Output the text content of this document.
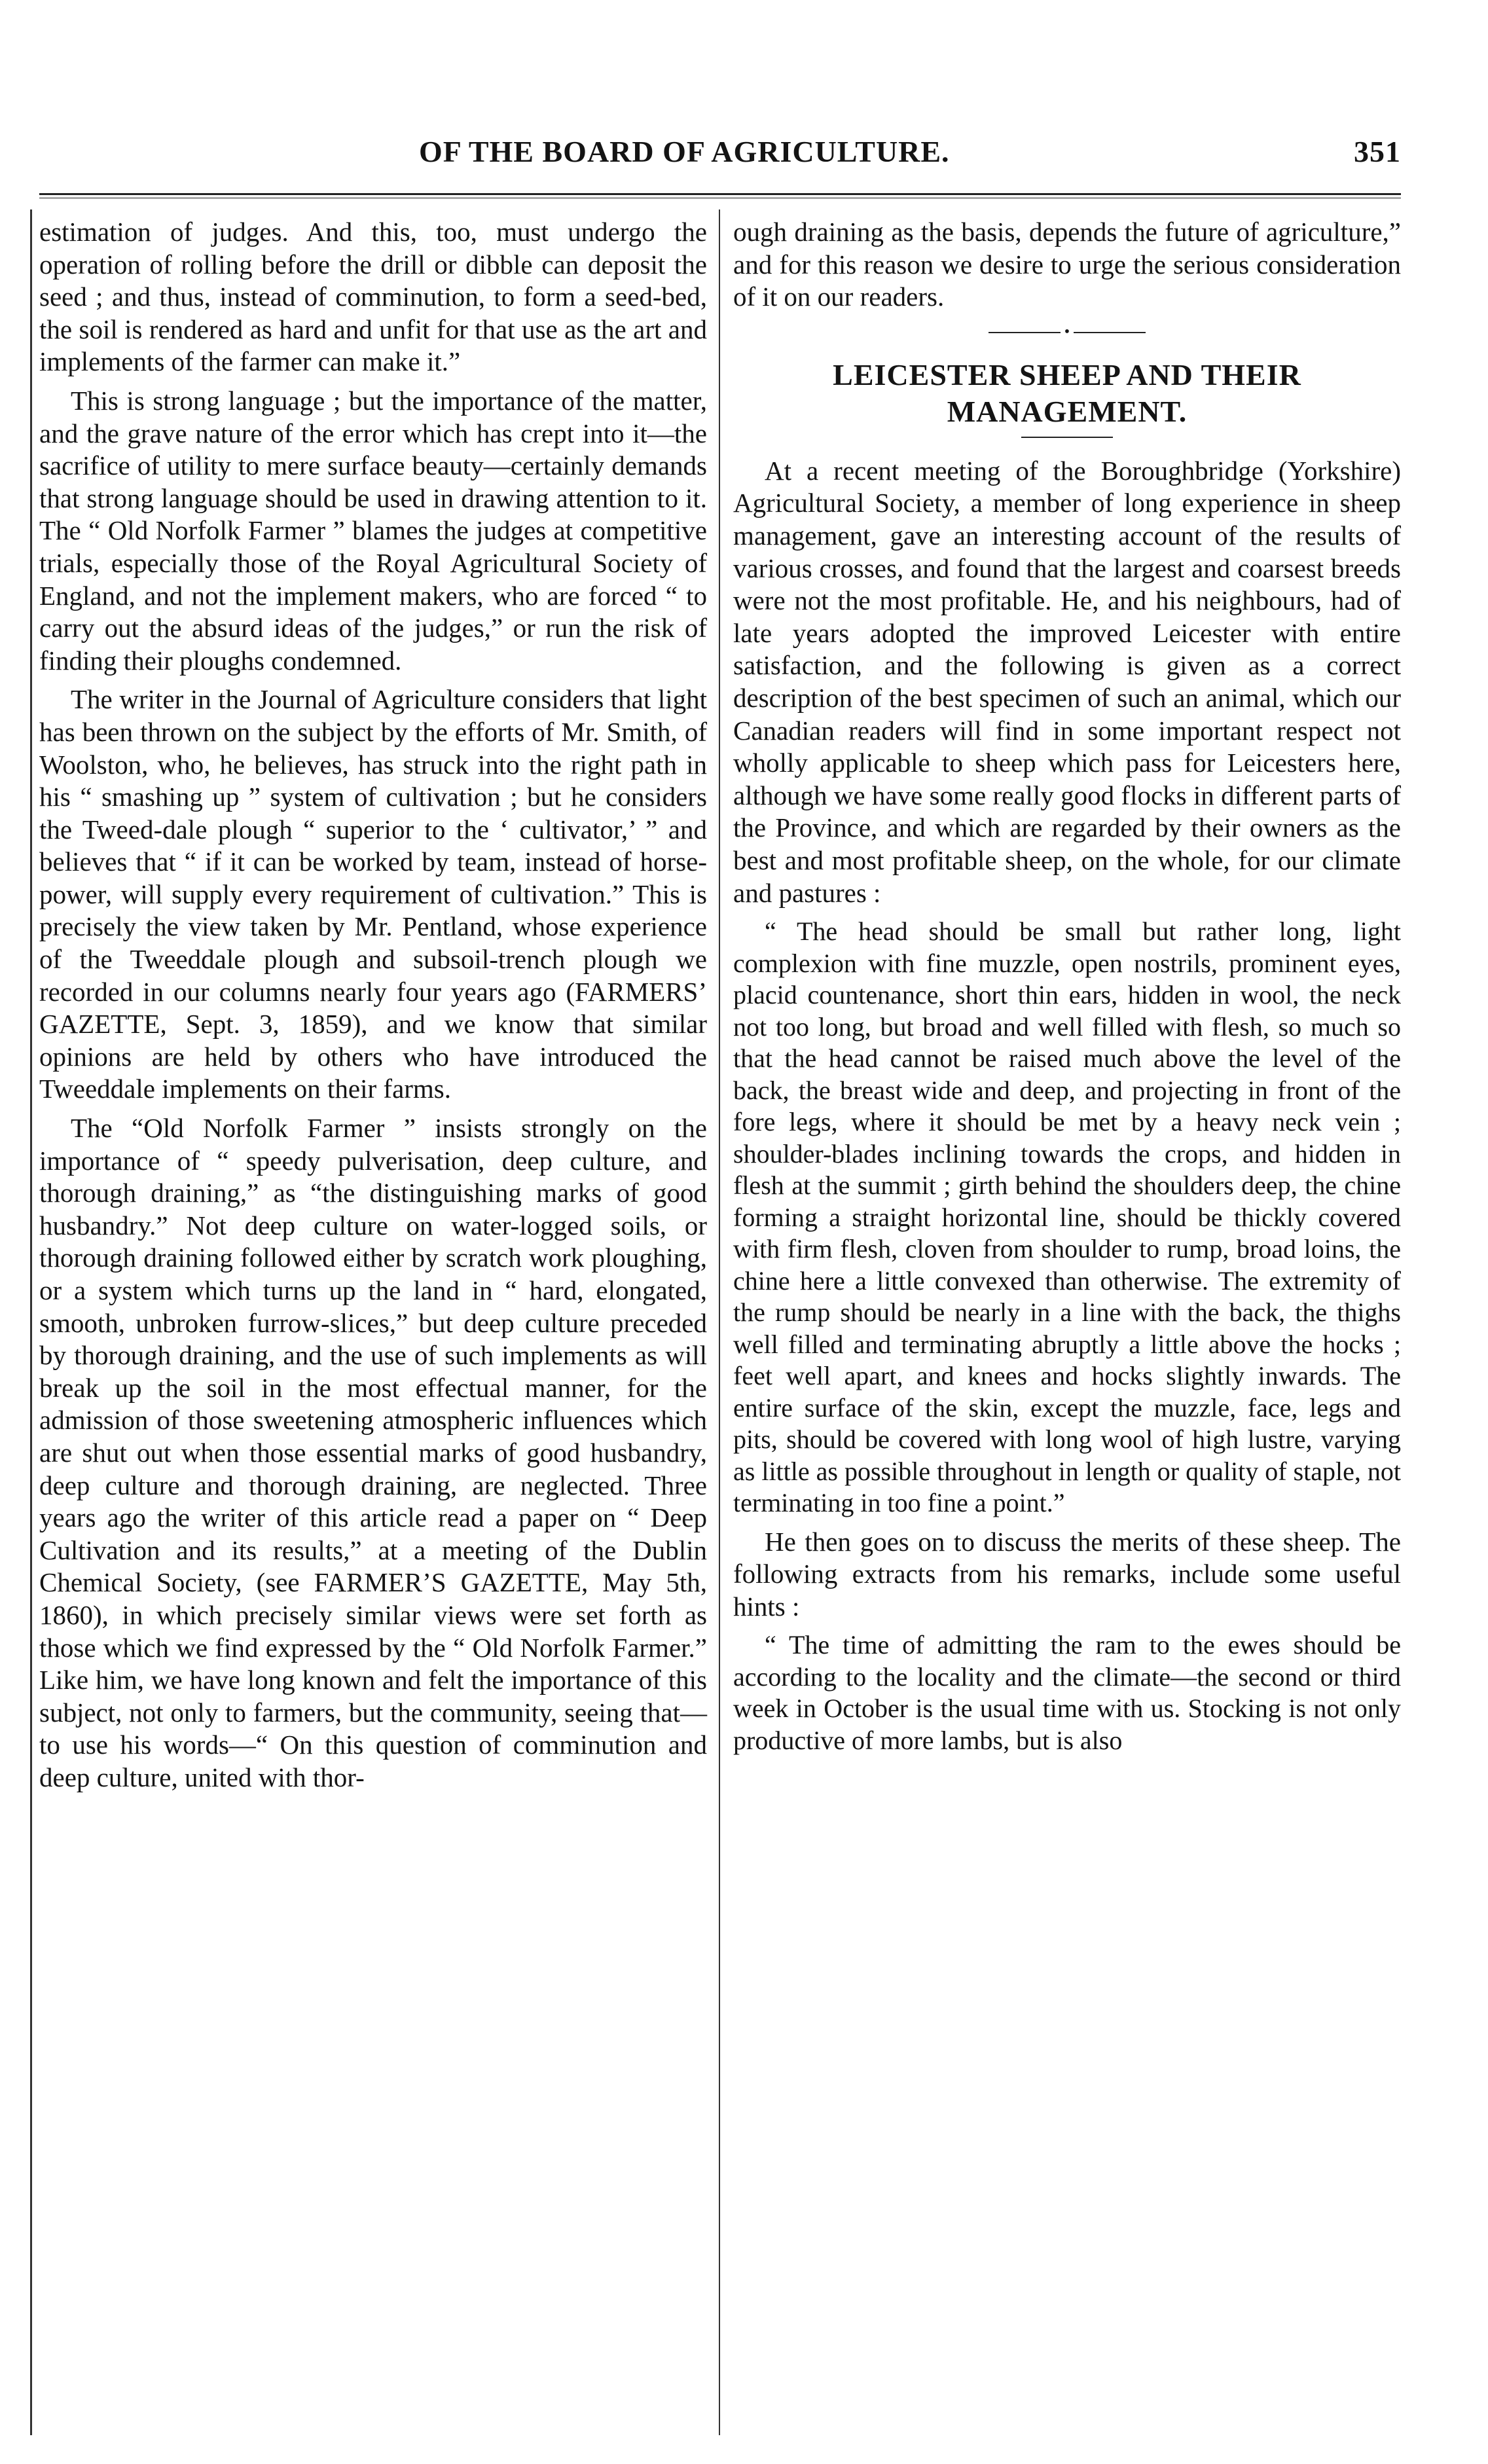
OF THE BOARD OF AGRICULTURE.	351

estimation of judges. And this, too, must undergo the operation of rolling before the drill or dibble can deposit the seed ; and thus, instead of comminution, to form a seed-bed, the soil is rendered as hard and unfit for that use as the art and implements of the farmer can make it.”

This is strong language ; but the importance of the matter, and the grave nature of the error which has crept into it—the sacrifice of utility to mere surface beauty—certainly demands that strong language should be used in drawing attention to it. The “ Old Norfolk Farmer ” blames the judges at competitive trials, especially those of the Royal Agricultural Society of England, and not the implement makers, who are forced “ to carry out the absurd ideas of the judges,” or run the risk of finding their ploughs condemned.

The writer in the Journal of Agriculture considers that light has been thrown on the subject by the efforts of Mr. Smith, of Woolston, who, he believes, has struck into the right path in his “ smashing up ” system of cultivation ; but he considers the Tweed-dale plough “ superior to the ‘ cultivator,’ ” and believes that “ if it can be worked by team, instead of horse-power, will supply every requirement of cultivation.” This is precisely the view taken by Mr. Pentland, whose experience of the Tweeddale plough and subsoil-trench plough we recorded in our columns nearly four years ago (FARMERS’ GAZETTE, Sept. 3, 1859), and we know that similar opinions are held by others who have introduced the Tweeddale implements on their farms.

The “Old Norfolk Farmer ” insists strongly on the importance of “ speedy pulverisation, deep culture, and thorough draining,” as “the distinguishing marks of good husbandry.” Not deep culture on water-logged soils, or thorough draining followed either by scratch work ploughing, or a system which turns up the land in “ hard, elongated, smooth, unbroken furrow-slices,” but deep culture preceded by thorough draining, and the use of such implements as will break up the soil in the most effectual manner, for the admission of those sweetening atmospheric influences which are shut out when those essential marks of good husbandry, deep culture and thorough draining, are neglected. Three years ago the writer of this article read a paper on “ Deep Cultivation and its results,” at a meeting of the Dublin Chemical Society, (see FARMER’S GAZETTE, May 5th, 1860), in which precisely similar views were set forth as those which we find expressed by the “ Old Norfolk Farmer.” Like him, we have long known and felt the importance of this subject, not only to farmers, but the community, seeing that—to use his words—“ On this question of comminution and deep culture, united with thor-

ough draining as the basis, depends the future of agriculture,” and for this reason we desire to urge the serious consideration of it on our readers.

•
LEICESTER SHEEP AND THEIR
MANAGEMENT.

At a recent meeting of the Boroughbridge (Yorkshire) Agricultural Society, a member of long experience in sheep management, gave an interesting account of the results of various crosses, and found that the largest and coarsest breeds were not the most profitable. He, and his neighbours, had of late years adopted the improved Leicester with entire satisfaction, and the following is given as a correct description of the best specimen of such an animal, which our Canadian readers will find in some important respect not wholly applicable to sheep which pass for Leicesters here, although we have some really good flocks in different parts of the Province, and which are regarded by their owners as the best and most profitable sheep, on the whole, for our climate and pastures :

“ The head should be small but rather long, light complexion with fine muzzle, open nostrils, prominent eyes, placid countenance, short thin ears, hidden in wool, the neck not too long, but broad and well filled with flesh, so much so that the head cannot be raised much above the level of the back, the breast wide and deep, and projecting in front of the fore legs, where it should be met by a heavy neck vein ; shoulder-blades inclining towards the crops, and hidden in flesh at the summit ; girth behind the shoulders deep, the chine forming a straight horizontal line, should be thickly covered with firm flesh, cloven from shoulder to rump, broad loins, the chine here a little convexed than otherwise. The extremity of the rump should be nearly in a line with the back, the thighs well filled and terminating abruptly a little above the hocks ; feet well apart, and knees and hocks slightly inwards. The entire surface of the skin, except the muzzle, face, legs and pits, should be covered with long wool of high lustre, varying as little as possible throughout in length or quality of staple, not terminating in too fine a point.”

He then goes on to discuss the merits of these sheep. The following extracts from his remarks, include some useful hints :

“ The time of admitting the ram to the ewes should be according to the locality and the climate—the second or third week in October is the usual time with us. Stocking is not only productive of more lambs, but is also
